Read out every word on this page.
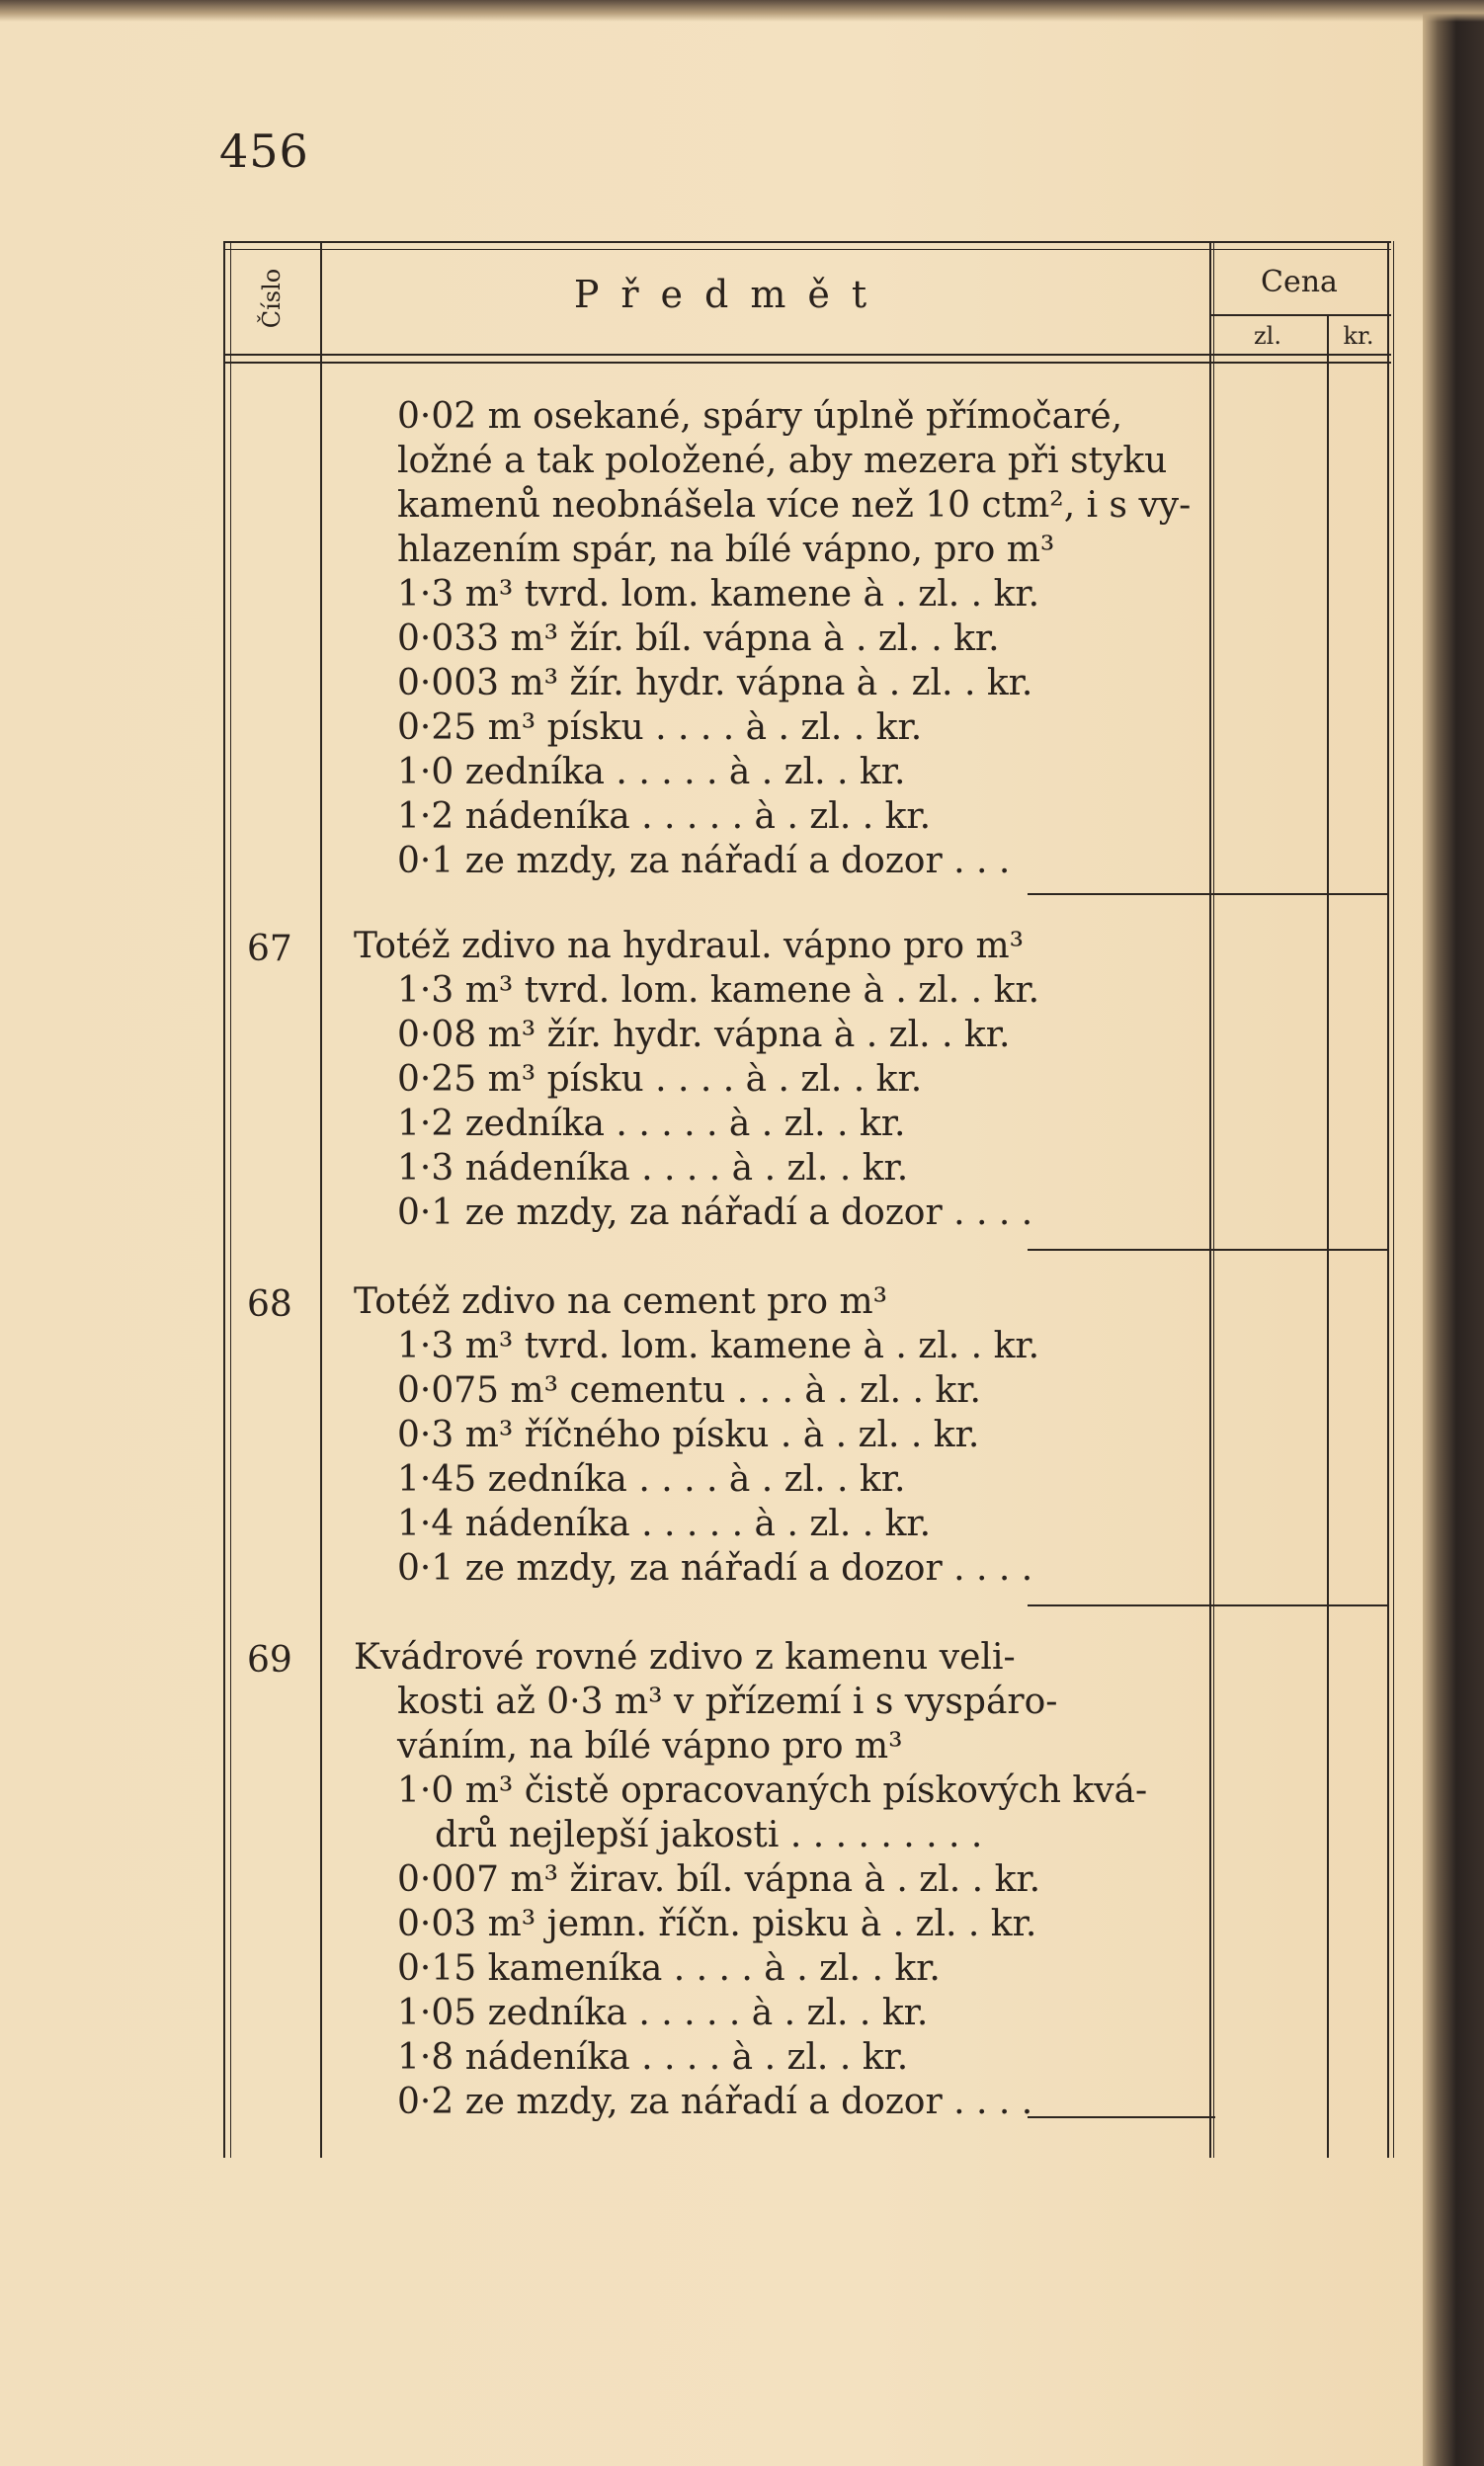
456
Číslo	Předmět	Cena
zl.	kr.
0·02 m osekané, spáry úplně přímočaré,
ložné a tak položené, aby mezera při styku
kamenů neobnášela více než 10 ctm², i s vy-
hlazením spár, na bílé vápno, pro m³
1·3 m³ tvrd. lom. kamene à . zl. . kr.
0·033 m³ žír. bíl. vápna à . zl. . kr.
0·003 m³ žír. hydr. vápna à . zl. . kr.
0·25 m³ písku . . . . à . zl. . kr.
1·0 zedníka . . . . . à . zl. . kr.
1·2 nádeníka . . . . . à . zl. . kr.
0·1 ze mzdy, za nářadí a dozor . . .
67 Totéž zdivo na hydraul. vápno pro m³
1·3 m³ tvrd. lom. kamene à . zl. . kr.
0·08 m³ žír. hydr. vápna à . zl. . kr.
0·25 m³ písku . . . . à . zl. . kr.
1·2 zedníka . . . . . à . zl. . kr.
1·3 nádeníka . . . . à . zl. . kr.
0·1 ze mzdy, za nářadí a dozor . . . .
68 Totéž zdivo na cement pro m³
1·3 m³ tvrd. lom. kamene à . zl. . kr.
0·075 m³ cementu . . . à . zl. . kr.
0·3 m³ říčného písku . à . zl. . kr.
1·45 zedníka . . . . à . zl. . kr.
1·4 nádeníka . . . . . à . zl. . kr.
0·1 ze mzdy, za nářadí a dozor . . . .
69 Kvádrové rovné zdivo z kamenu veli-
kosti až 0·3 m³ v přízemí i s vyspáro-
váním, na bílé vápno pro m³
1·0 m³ čistě opracovaných pískových kvá-
drů nejlepší jakosti . . . . . . . . .
0·007 m³ žirav. bíl. vápna à . zl. . kr.
0·03 m³ jemn. říčn. pisku à . zl. . kr.
0·15 kameníka . . . . à . zl. . kr.
1·05 zedníka . . . . . à . zl. . kr.
1·8 nádeníka . . . . à . zl. . kr.
0·2 ze mzdy, za nářadí a dozor . . . .
